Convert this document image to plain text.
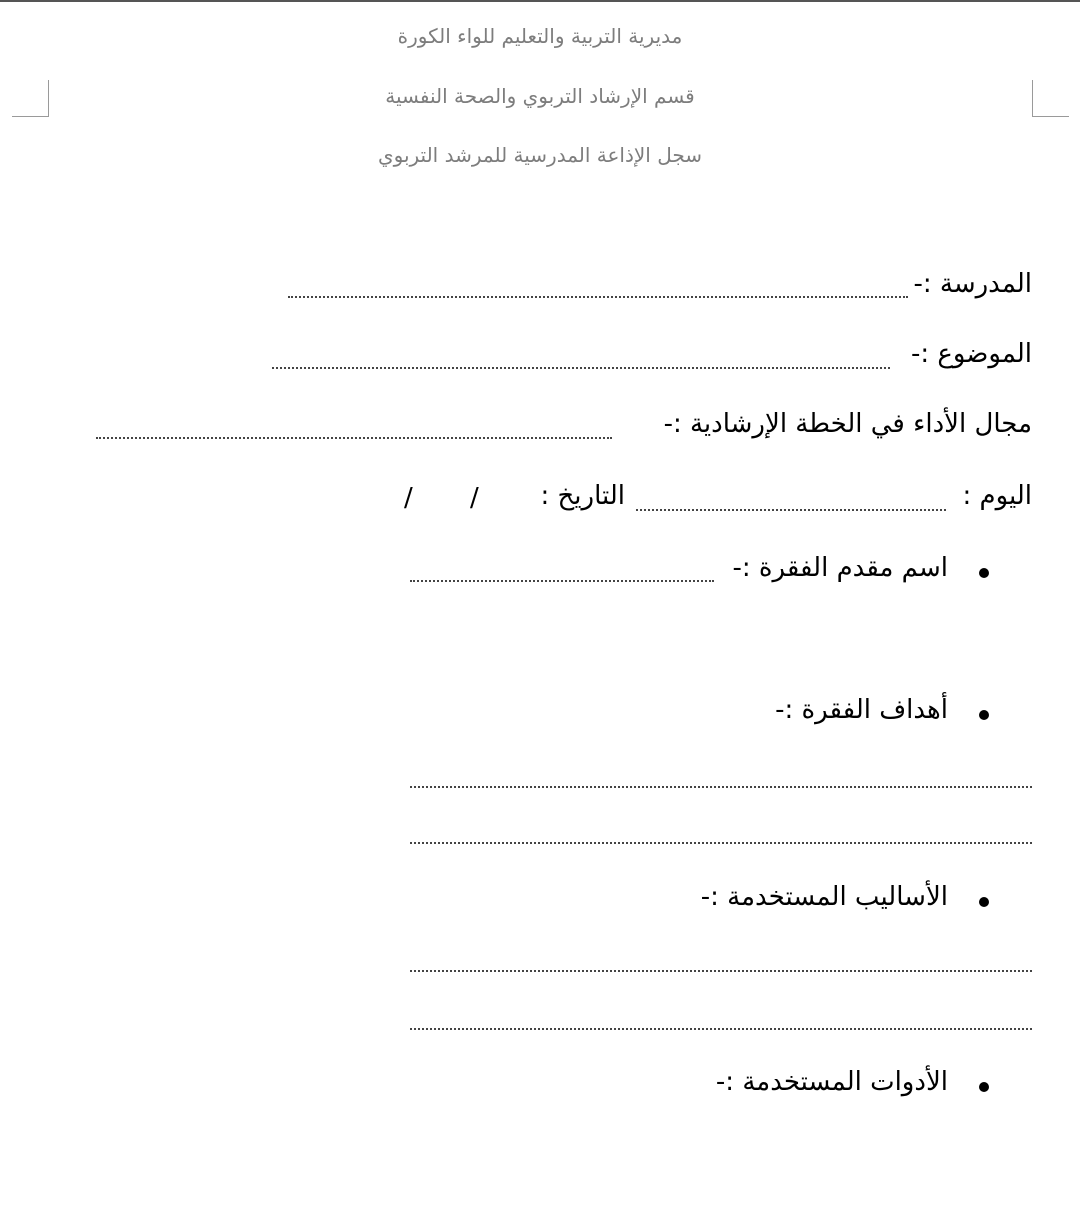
مديرية التربية والتعليم للواء الكورة
قسم الإرشاد التربوي والصحة النفسية
سجل الإذاعة المدرسية للمرشد التربوي
المدرسة :-
الموضوع :-
مجال الأداء في الخطة الإرشادية :-
اليوم :
التاريخ :
/
/
اسم مقدم الفقرة :-
أهداف الفقرة :-
الأساليب المستخدمة :-
الأدوات المستخدمة :-
